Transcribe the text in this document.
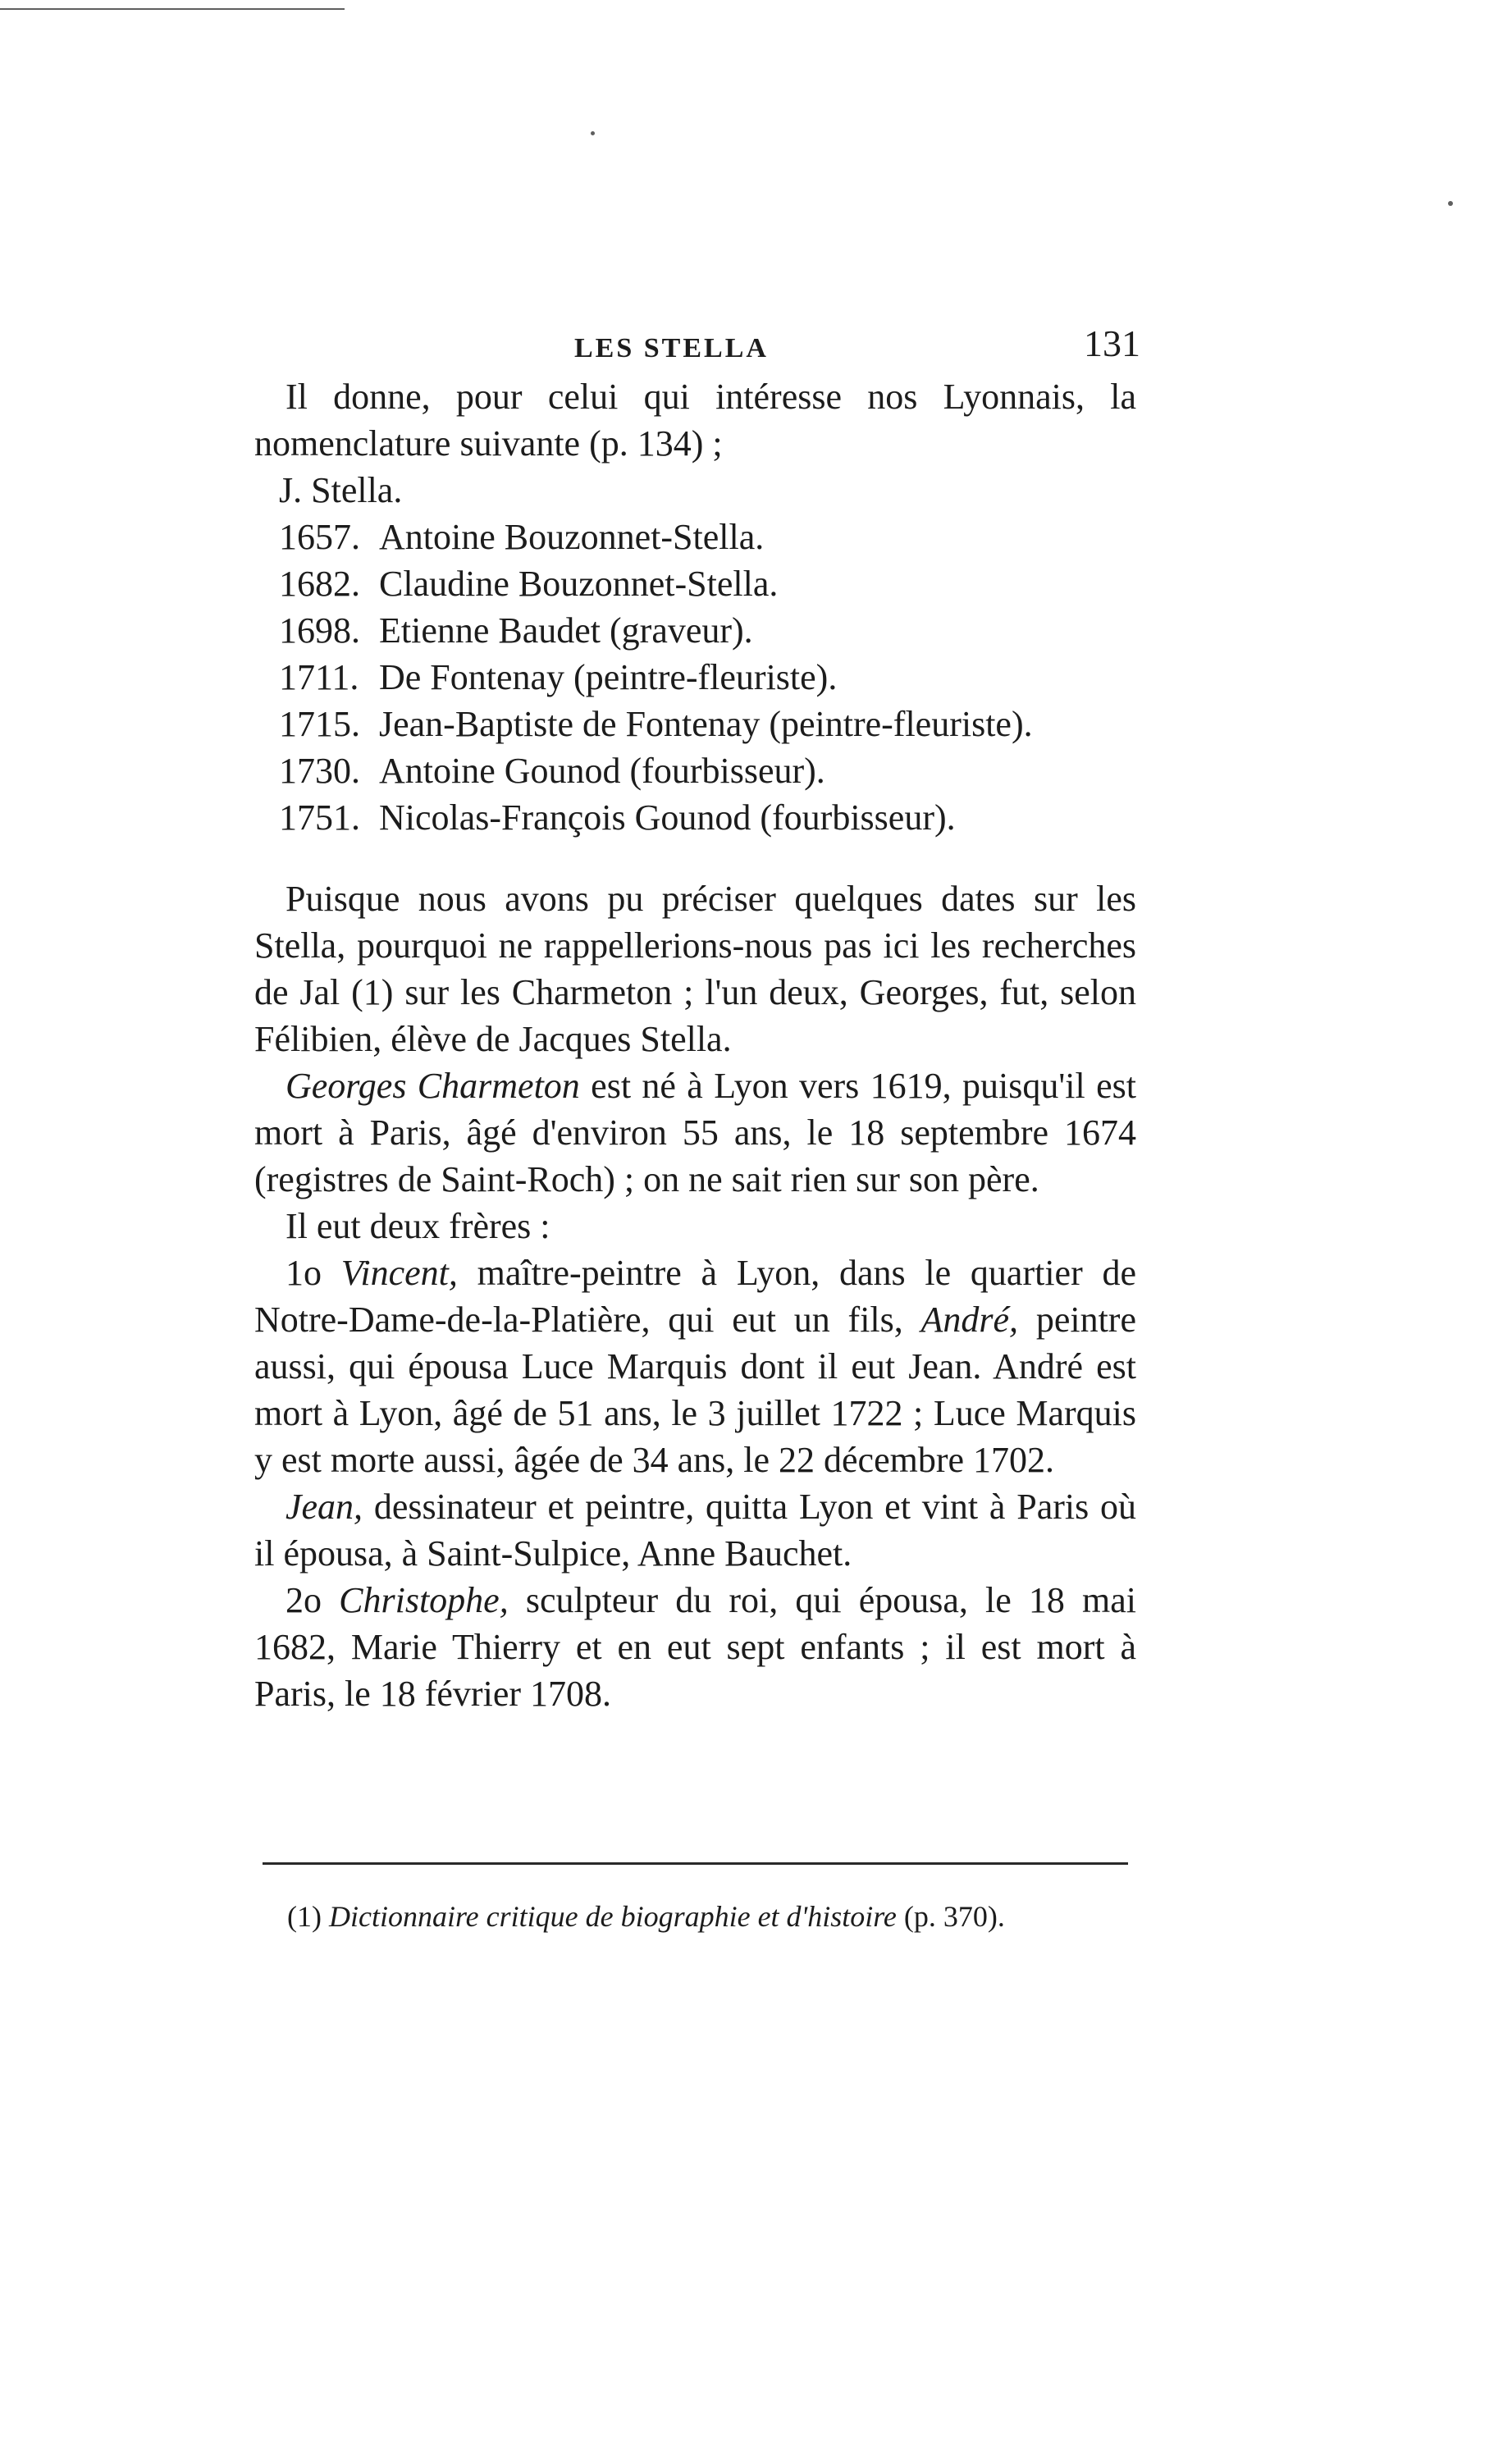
LES STELLA	131

Il donne, pour celui qui intéresse nos Lyonnais, la nomenclature suivante (p. 134) ;

J. Stella.
1657. Antoine Bouzonnet-Stella.
1682. Claudine Bouzonnet-Stella.
1698. Etienne Baudet (graveur).
1711. De Fontenay (peintre-fleuriste).
1715. Jean-Baptiste de Fontenay (peintre-fleuriste).
1730. Antoine Gounod (fourbisseur).
1751. Nicolas-François Gounod (fourbisseur).

Puisque nous avons pu préciser quelques dates sur les Stella, pourquoi ne rappellerions-nous pas ici les recherches de Jal (1) sur les Charmeton ; l'un deux, Georges, fut, selon Félibien, élève de Jacques Stella.

Georges Charmeton est né à Lyon vers 1619, puisqu'il est mort à Paris, âgé d'environ 55 ans, le 18 septembre 1674 (registres de Saint-Roch) ; on ne sait rien sur son père.

Il eut deux frères :

1o Vincent, maître-peintre à Lyon, dans le quartier de Notre-Dame-de-la-Platière, qui eut un fils, André, peintre aussi, qui épousa Luce Marquis dont il eut Jean. André est mort à Lyon, âgé de 51 ans, le 3 juillet 1722 ; Luce Marquis y est morte aussi, âgée de 34 ans, le 22 décembre 1702.

Jean, dessinateur et peintre, quitta Lyon et vint à Paris où il épousa, à Saint-Sulpice, Anne Bauchet.

2o Christophe, sculpteur du roi, qui épousa, le 18 mai 1682, Marie Thierry et en eut sept enfants ; il est mort à Paris, le 18 février 1708.

(1) Dictionnaire critique de biographie et d'histoire (p. 370).
